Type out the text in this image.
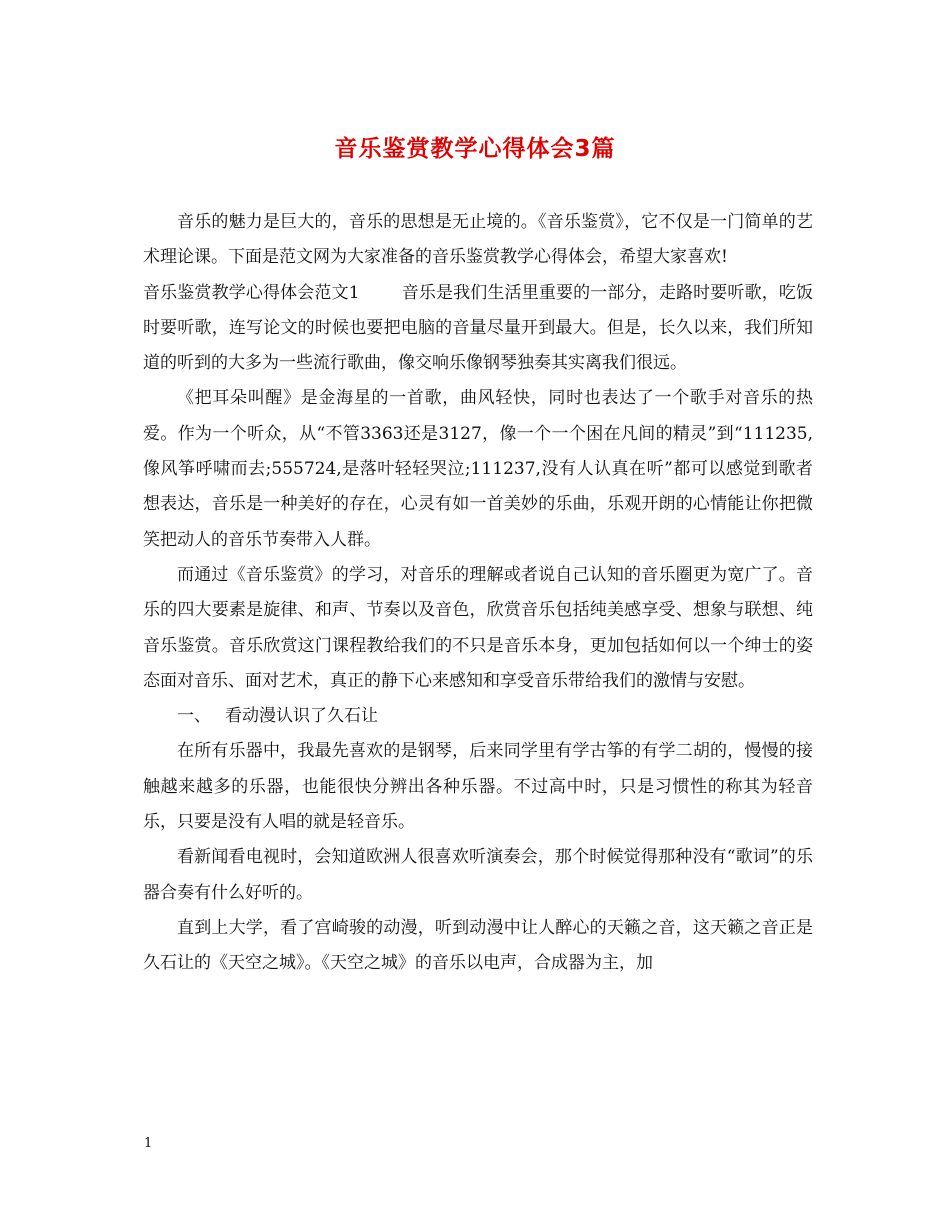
音乐鉴赏教学心得体会3篇

音乐的魅力是巨大的，音乐的思想是无止境的。《音乐鉴赏》，它不仅是一门简单的艺术理论课。下面是范文网为大家准备的音乐鉴赏教学心得体会，希望大家喜欢!

音乐鉴赏教学心得体会范文1 音乐是我们生活里重要的一部分，走路时要听歌，吃饭时要听歌，连写论文的时候也要把电脑的音量尽量开到最大。但是，长久以来，我们所知道的听到的大多为一些流行歌曲，像交响乐像钢琴独奏其实离我们很远。

《把耳朵叫醒》是金海星的一首歌，曲风轻快，同时也表达了一个歌手对音乐的热爱。作为一个听众，从“不管3363还是3127，像一个一个困在凡间的精灵”到“111235,像风筝呼啸而去;555724,是落叶轻轻哭泣;111237,没有人认真在听”都可以感觉到歌者想表达，音乐是一种美好的存在，心灵有如一首美妙的乐曲，乐观开朗的心情能让你把微笑把动人的音乐节奏带入人群。

而通过《音乐鉴赏》的学习，对音乐的理解或者说自己认知的音乐圈更为宽广了。音乐的四大要素是旋律、和声、节奏以及音色，欣赏音乐包括纯美感享受、想象与联想、纯音乐鉴赏。音乐欣赏这门课程教给我们的不只是音乐本身，更加包括如何以一个绅士的姿态面对音乐、面对艺术，真正的静下心来感知和享受音乐带给我们的激情与安慰。

一、 看动漫认识了久石让

在所有乐器中，我最先喜欢的是钢琴，后来同学里有学古筝的有学二胡的，慢慢的接触越来越多的乐器，也能很快分辨出各种乐器。不过高中时，只是习惯性的称其为轻音乐，只要是没有人唱的就是轻音乐。

看新闻看电视时，会知道欧洲人很喜欢听演奏会，那个时候觉得那种没有“歌词”的乐器合奏有什么好听的。

直到上大学，看了宫崎骏的动漫，听到动漫中让人醉心的天籁之音，这天籁之音正是久石让的《天空之城》。《天空之城》的音乐以电声，合成器为主，加

1
